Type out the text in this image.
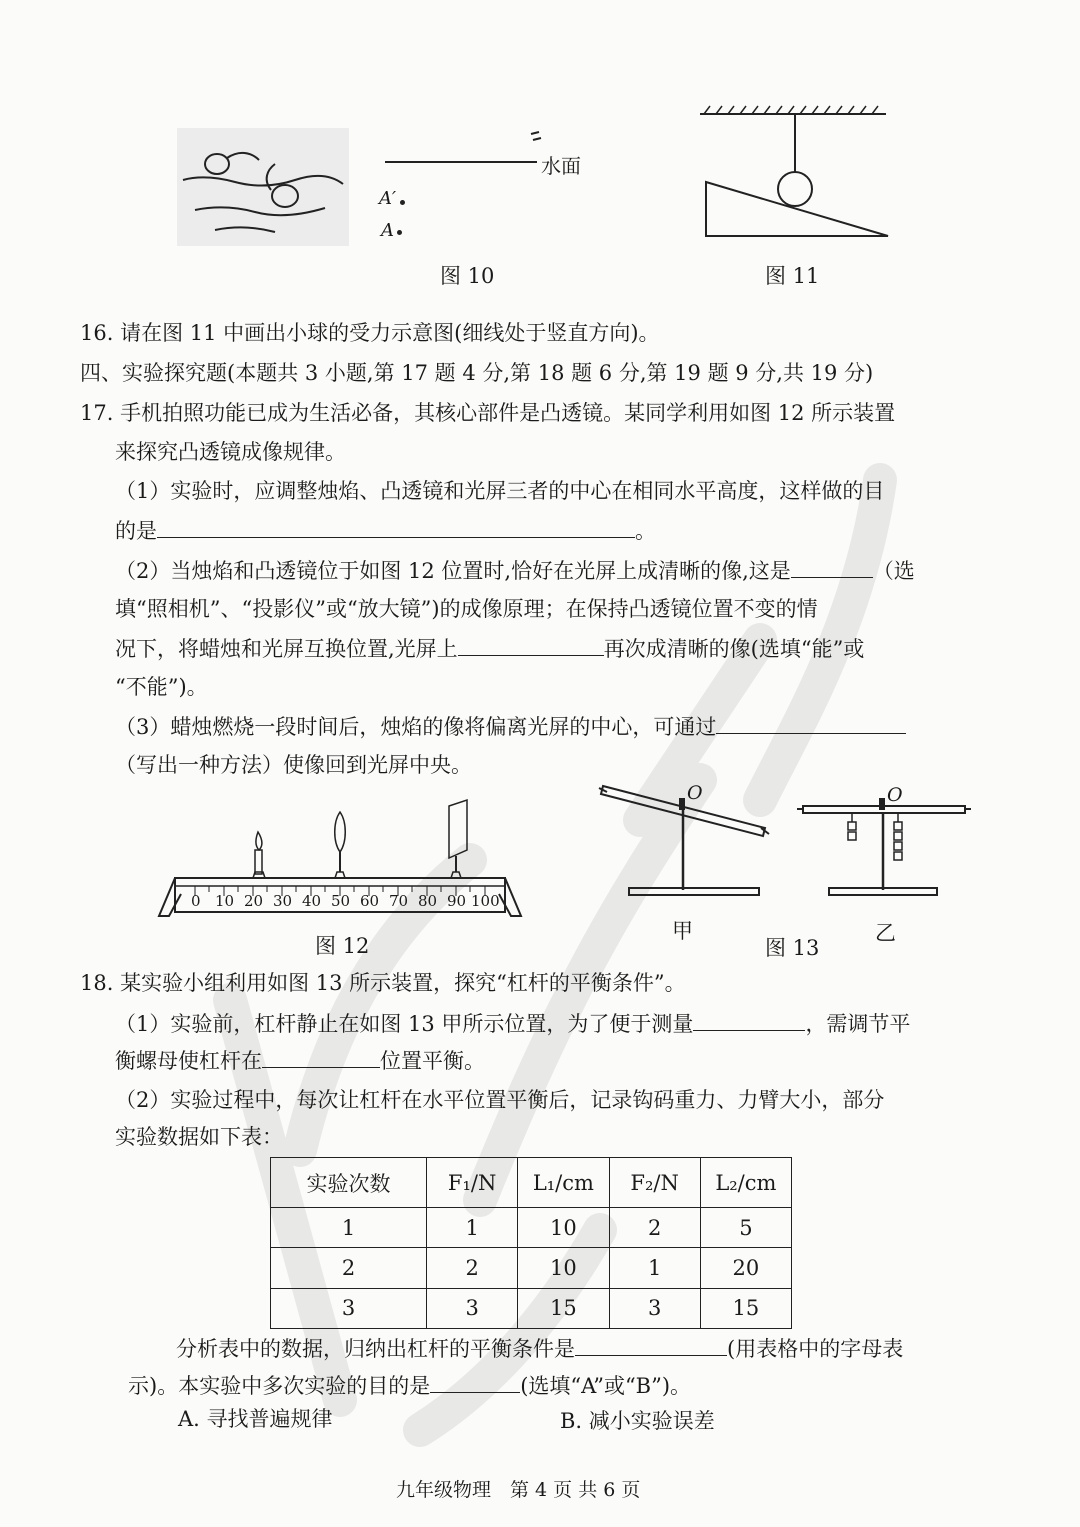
水面
A′
A
图 10	图 11
16. 请在图 11 中画出小球的受力示意图(细线处于竖直方向)。
四、实验探究题(本题共 3 小题,第 17 题 4 分,第 18 题 6 分,第 19 题 9 分,共 19 分)
17. 手机拍照功能已成为生活必备，其核心部件是凸透镜。某同学利用如图 12 所示装置
来探究凸透镜成像规律。
（1）实验时，应调整烛焰、凸透镜和光屏三者的中心在相同水平高度，这样做的目
的是	。
（2）当烛焰和凸透镜位于如图 12 位置时,恰好在光屏上成清晰的像,这是	（选
填“照相机”、“投影仪”或“放大镜”)的成像原理；在保持凸透镜位置不变的情
况下，将蜡烛和光屏互换位置,光屏上	再次成清晰的像(选填“能”或
“不能”)。
（3）蜡烛燃烧一段时间后，烛焰的像将偏离光屏的中心，可通过
（写出一种方法）使像回到光屏中央。
0 10 20 30 40 50 60 70 80 90 100
图 12
O
甲
O
乙
图 13
18. 某实验小组利用如图 13 所示装置，探究“杠杆的平衡条件”。
（1）实验前，杠杆静止在如图 13 甲所示位置，为了便于测量	，需调节平
衡螺母使杠杆在	位置平衡。
（2）实验过程中，每次让杠杆在水平位置平衡后，记录钩码重力、力臂大小，部分
实验数据如下表：
实验次数	F₁/N	L₁/cm	F₂/N	L₂/cm
1	1	10	2	5
2	2	10	1	20
3	3	15	3	15
分析表中的数据，归纳出杠杆的平衡条件是	(用表格中的字母表
示)。本实验中多次实验的目的是	(选填“A”或“B”)。
A. 寻找普遍规律	B. 减小实验误差
九年级物理　第 4 页 共 6 页
